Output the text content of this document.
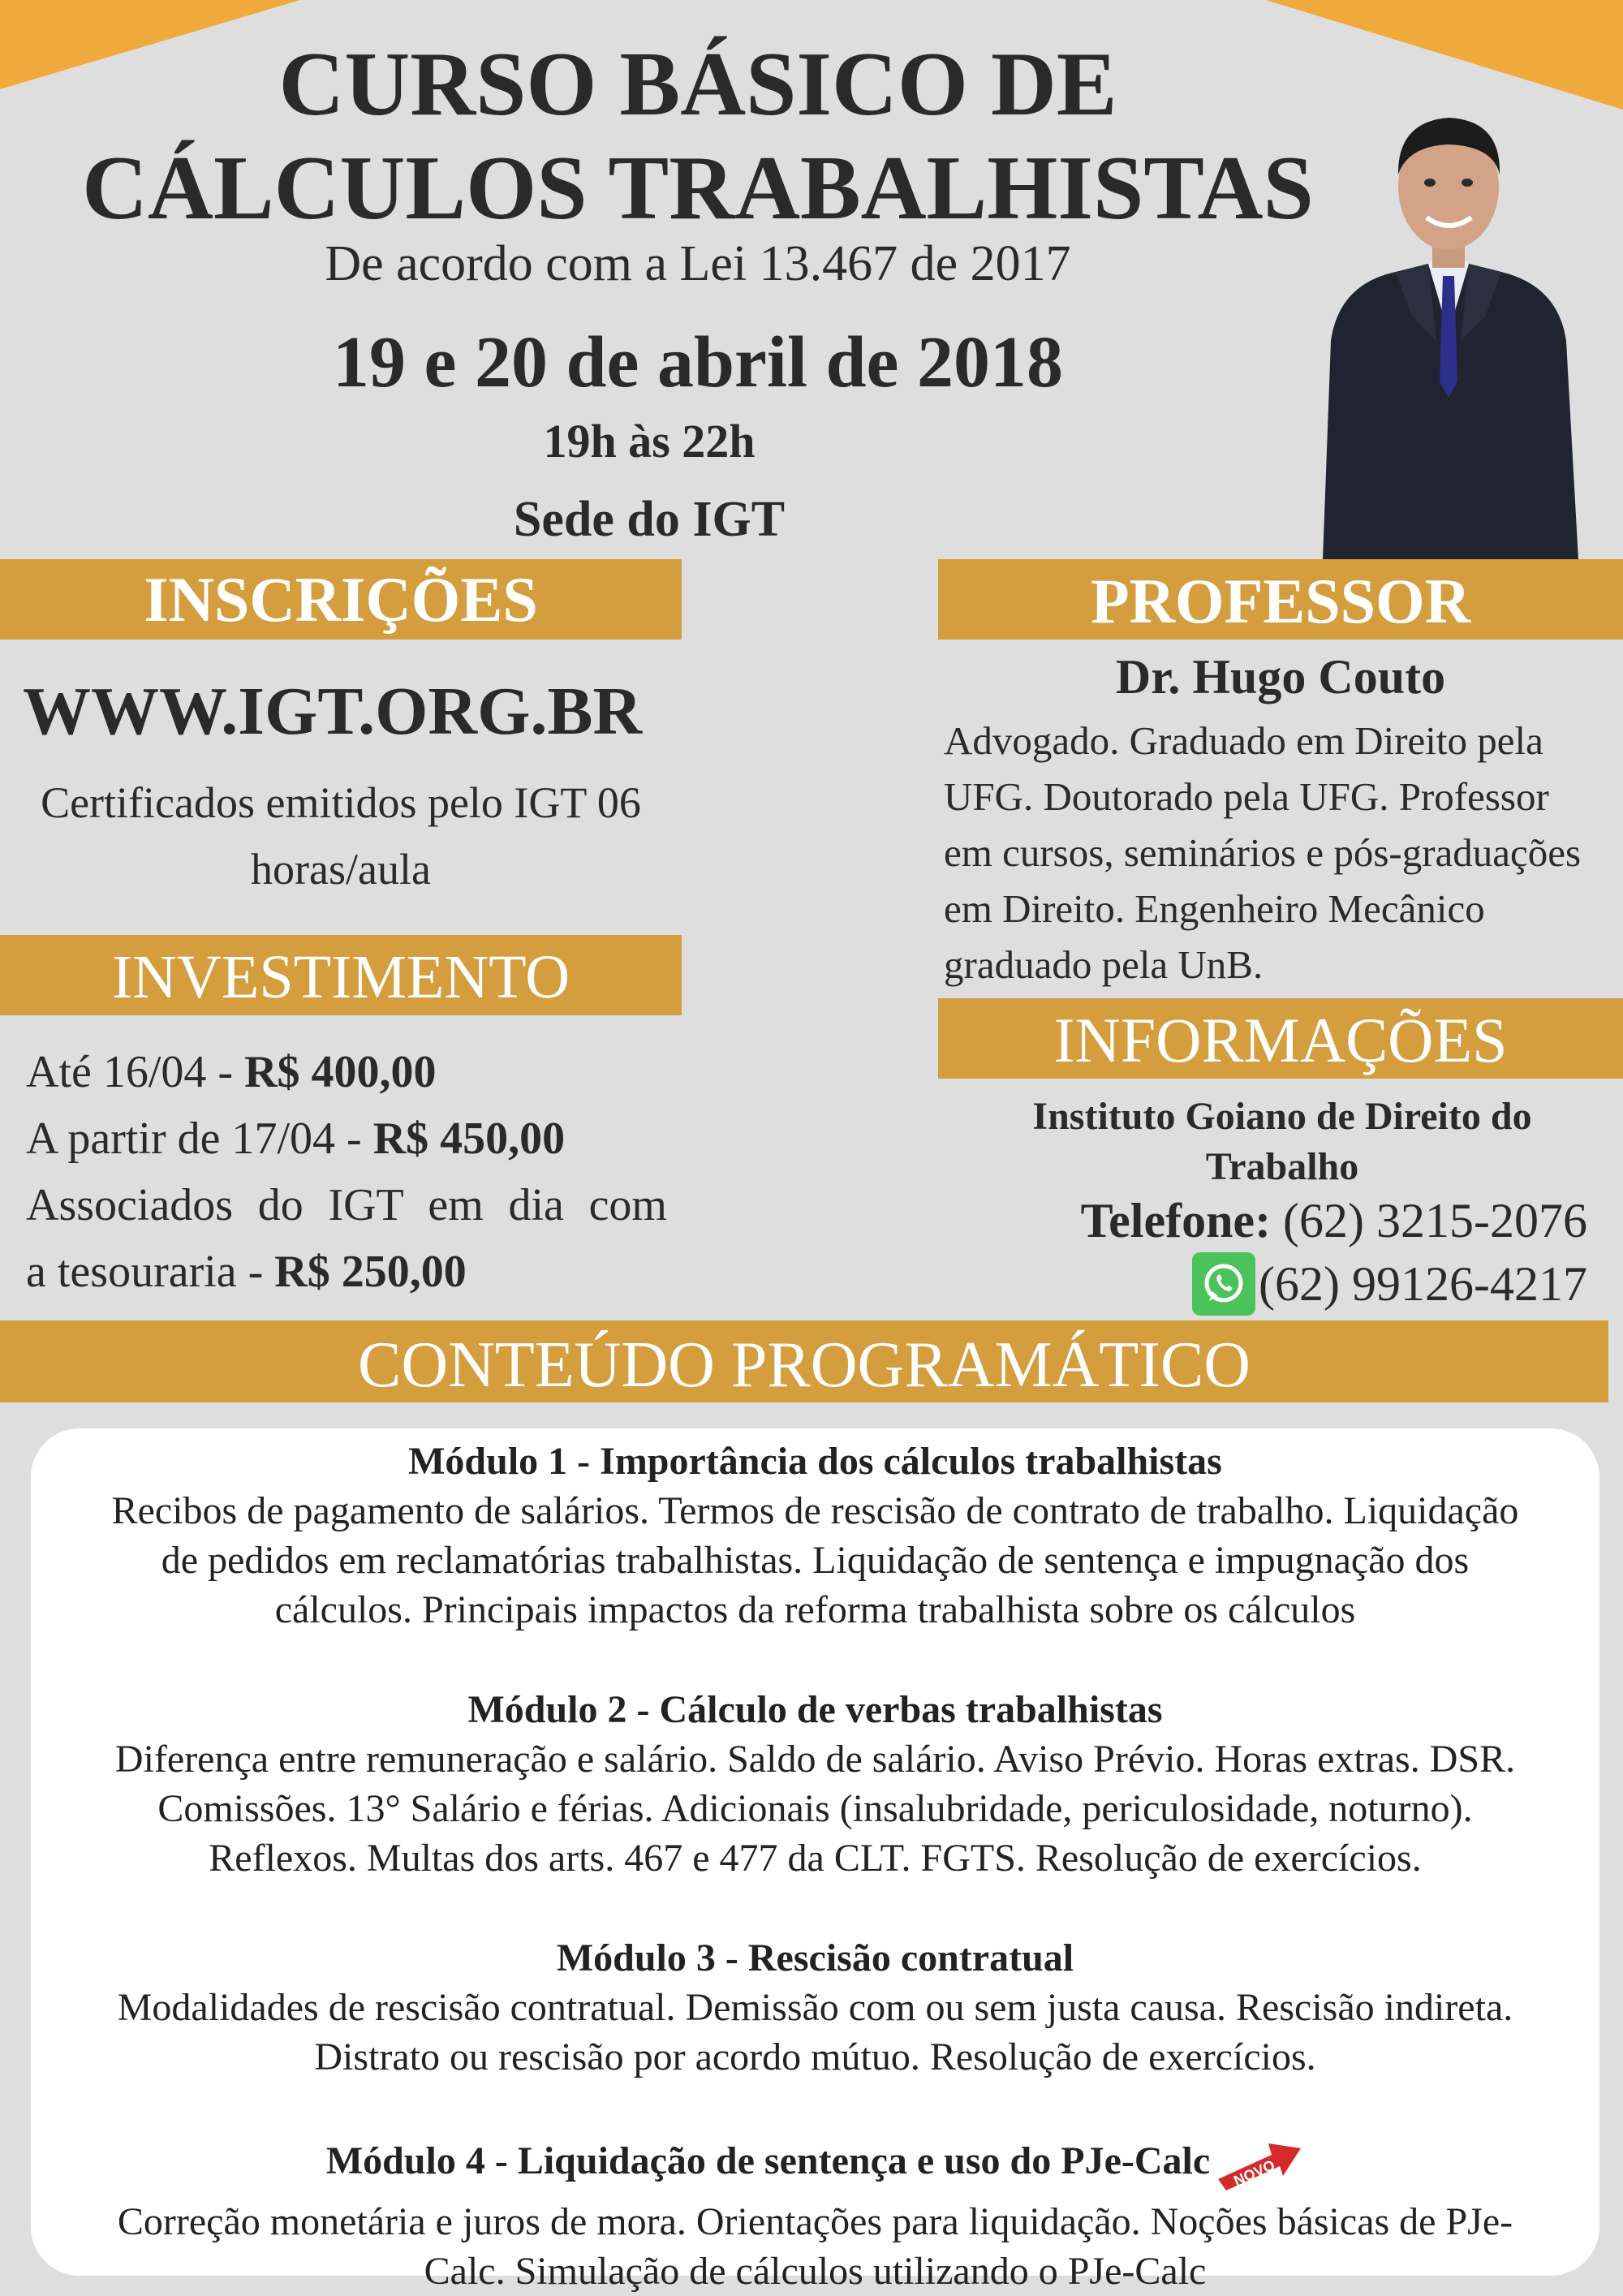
CURSO BÁSICO DE
CÁLCULOS TRABALHISTAS
De acordo com a Lei 13.467 de 2017
19 e 20 de abril de 2018
19h às 22h
Sede do IGT
INSCRIÇÕES	PROFESSOR
INVESTIMENTO
INFORMAÇÕES
CONTEÚDO PROGRAMÁTICO
WWW.IGT.ORG.BR
Certificados emitidos pelo IGT 06
horas/aula

Até 16/04 - R$ 400,00

A partir de 17/04 - R$ 450,00

Associados do IGT em dia com

a tesouraria - R$ 250,00

Dr. Hugo Couto

Advogado. Graduado em Direito pela

UFG. Doutorado pela UFG. Professor

em cursos, seminários e pós-graduações

em Direito. Engenheiro Mecânico

graduado pela UnB.

Instituto Goiano de Direito do
Trabalho
Telefone: (62) 3215-2076
(62) 99126-4217
Módulo 1 - Importância dos cálculos trabalhistas

Recibos de pagamento de salários. Termos de rescisão de contrato de trabalho. Liquidação

de pedidos em reclamatórias trabalhistas. Liquidação de sentença e impugnação dos

cálculos. Principais impactos da reforma trabalhista sobre os cálculos

Módulo 2 - Cálculo de verbas trabalhistas

Diferença entre remuneração e salário. Saldo de salário. Aviso Prévio. Horas extras. DSR.

Comissões. 13° Salário e férias. Adicionais (insalubridade, periculosidade, noturno).

Reflexos. Multas dos arts. 467 e 477 da CLT. FGTS. Resolução de exercícios.

Módulo 3 - Rescisão contratual

Modalidades de rescisão contratual. Demissão com ou sem justa causa. Rescisão indireta.

Distrato ou rescisão por acordo mútuo. Resolução de exercícios.

Módulo 4 - Liquidação de sentença e uso do PJe-Calc NOVO

Correção monetária e juros de mora. Orientações para liquidação. Noções básicas de PJe-

Calc. Simulação de cálculos utilizando o PJe-Calc
